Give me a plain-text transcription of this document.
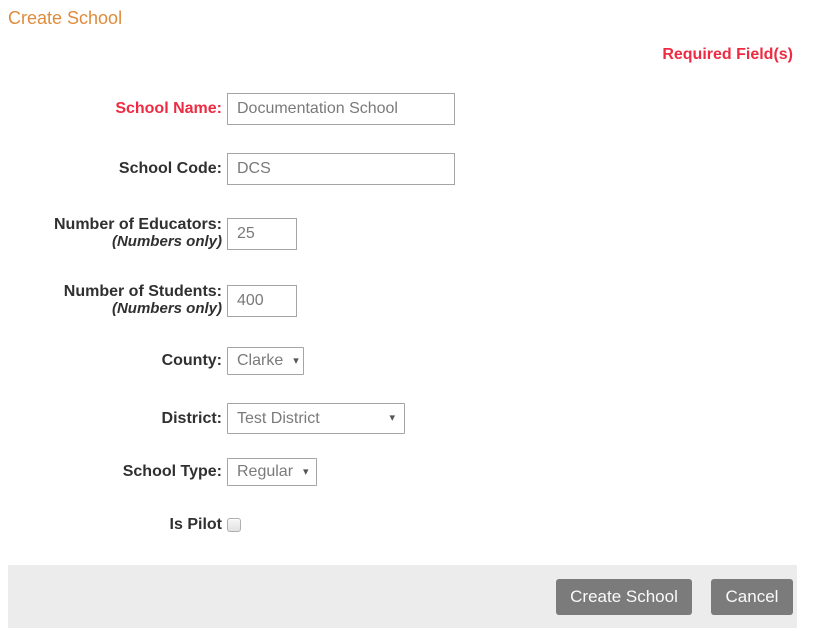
Create School
Required Field(s)
School Name:
Documentation School
School Code:
DCS
Number of Educators:
(Numbers only)
25
Number of Students:
(Numbers only)
400
County: Clarke ▾
District: Test District	▾
School Type: Regular ▾
Is Pilot
Create School	Cancel
